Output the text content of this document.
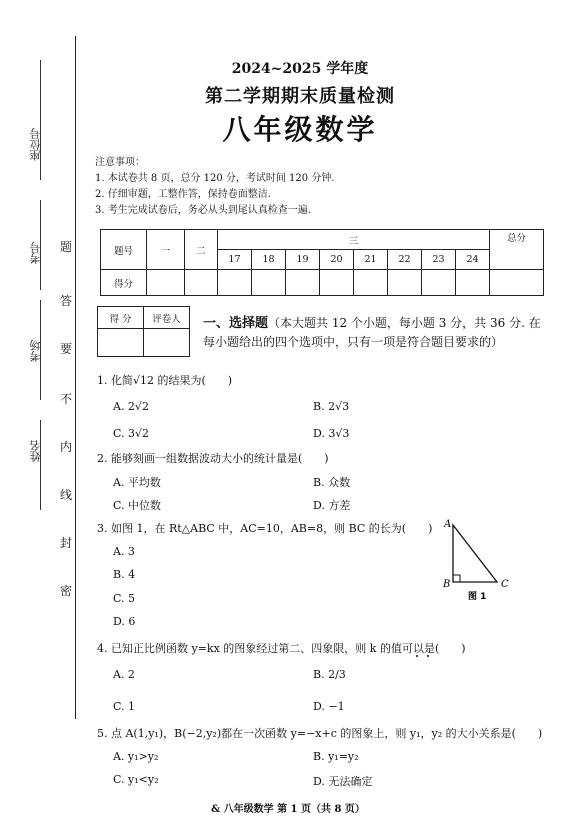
座位号
考号
考场
姓名
题
答
要
不
内
线
封
密
2024~2025 学年度
第二学期期末质量检测
八年级数学
注意事项：
1. 本试卷共 8 页，总分 120 分，考试时间 120 分钟.
2. 仔细审题，工整作答，保持卷面整洁.
3. 考生完成试卷后，务必从头到尾认真检查一遍.
题号	一	二	三								总分
			17	18	19	20	21	22	23	24	
得分											
得 分	评卷人
	一、选择题（本大题共 12 个小题，每小题 3 分，共 36 分. 在每小题给出的四个选项中，只有一项是符合题目要求的）
1. 化简√12 的结果为(　　)
A. 2√2	B. 2√3
C. 3√2	D. 3√3
2. 能够刻画一组数据波动大小的统计量是(　　)
A. 平均数	B. 众数
C. 中位数	D. 方差
3. 如图 1，在 Rt△ABC 中，AC=10，AB=8，则 BC 的长为(　　)
A. 3
B. 4
C. 5
D. 6
A
B	C
图 1
4. 已知正比例函数 y=kx 的图象经过第二、四象限，则 k 的值可以是(　　)
A. 2	B. 2/3
C. 1	D. −1
5. 点 A(1,y₁)，B(−2,y₂)都在一次函数 y=−x+c 的图象上，则 y₁，y₂ 的大小关系是(　　)
A. y₁>y₂	B. y₁=y₂
C. y₁<y₂	D. 无法确定
& 八年级数学 第 1 页（共 8 页）
